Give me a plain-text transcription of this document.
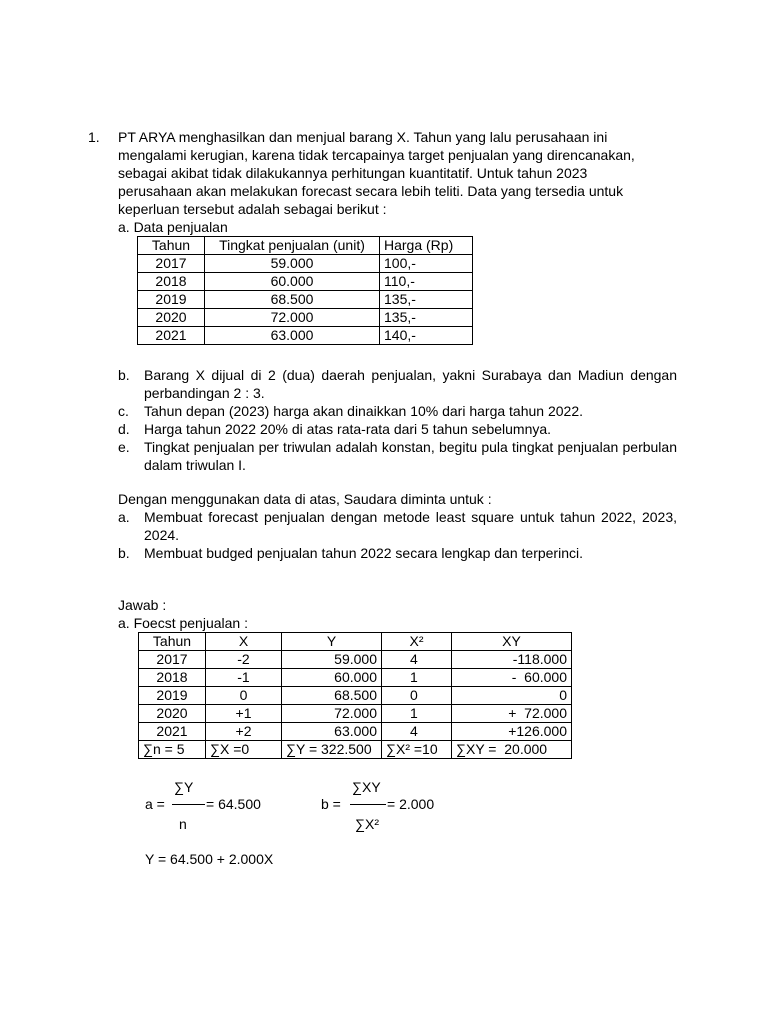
1. PT ARYA menghasilkan dan menjual barang X. Tahun yang lalu perusahaan ini

mengalami kerugian, karena tidak tercapainya target penjualan yang direncanakan,

sebagai akibat tidak dilakukannya perhitungan kuantitatif. Untuk tahun 2023

perusahaan akan melakukan forecast secara lebih teliti. Data yang tersedia untuk

keperluan tersebut adalah sebagai berikut :

a. Data penjualan
Tahun	Tingkat penjualan (unit)	Harga (Rp)
2017	59.000	100,-
2018	60.000	110,-
2019	68.500	135,-
2020	72.000	135,-
2021	63.000	140,-
b. Barang X dijual di 2 (dua) daerah penjualan, yakni Surabaya dan Madiun dengan perbandingan 2 : 3.
c. Tahun depan (2023) harga akan dinaikkan 10% dari harga tahun 2022.
d. Harga tahun 2022 20% di atas rata-rata dari 5 tahun sebelumnya.
e. Tingkat penjualan per triwulan adalah konstan, begitu pula tingkat penjualan perbulan dalam triwulan I.
Dengan menggunakan data di atas, Saudara diminta untuk :
a. Membuat forecast penjualan dengan metode least square untuk tahun 2022, 2023, 2024.
b. Membuat budged penjualan tahun 2022 secara lengkap dan terperinci.
Jawab :
a. Foecst penjualan :
Tahun	X	Y	X²	XY
2017	-2	59.000	4	-118.000
2018	-1	60.000	1	-  60.000
2019	0	68.500	0	0
2020	+1	72.000	1	+  72.000
2021	+2	63.000	4	+126.000
∑n = 5	∑X =0	∑Y = 322.500	∑X² =10	∑XY =  20.000
a =
∑Y
n
= 64.500	b =
∑XY
∑X²
= 2.000
Y = 64.500 + 2.000X
